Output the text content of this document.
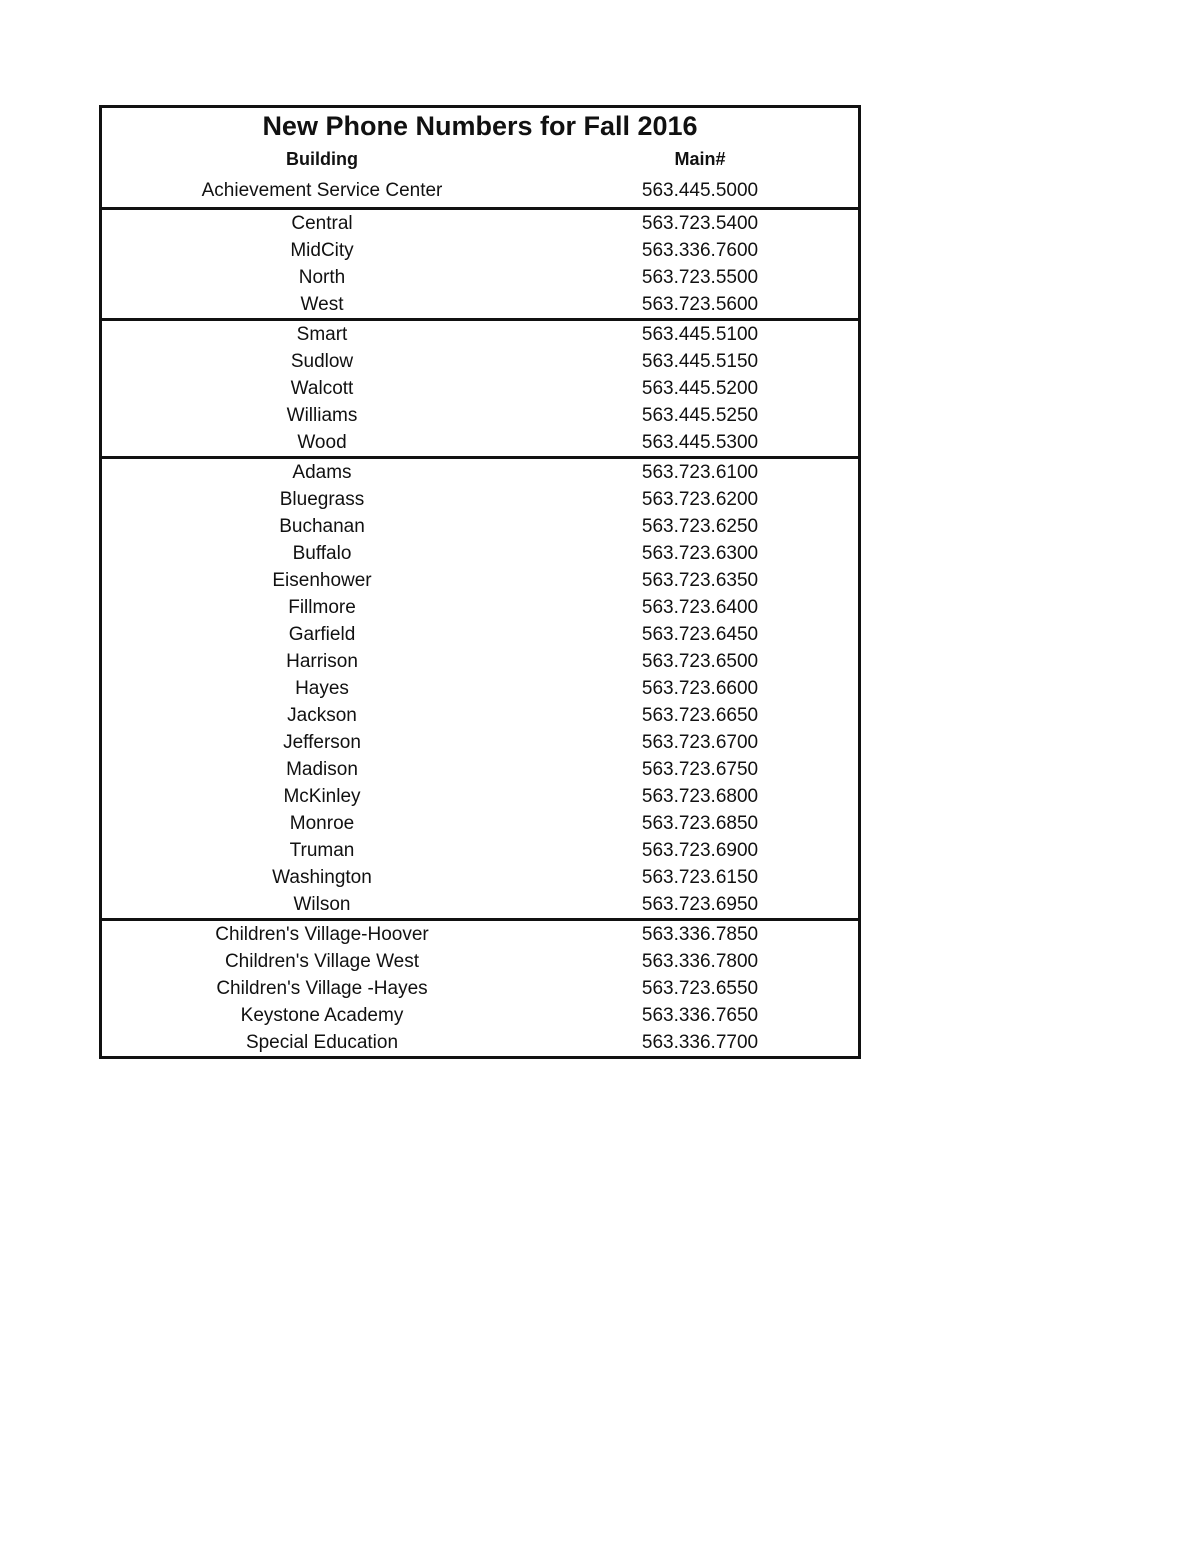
New Phone Numbers for Fall 2016
Building	Main#
Achievement Service Center	563.445.5000
Central	563.723.5400
MidCity	563.336.7600
North	563.723.5500
West	563.723.5600
Smart	563.445.5100
Sudlow	563.445.5150
Walcott	563.445.5200
Williams	563.445.5250
Wood	563.445.5300
Adams	563.723.6100
Bluegrass	563.723.6200
Buchanan	563.723.6250
Buffalo	563.723.6300
Eisenhower	563.723.6350
Fillmore	563.723.6400
Garfield	563.723.6450
Harrison	563.723.6500
Hayes	563.723.6600
Jackson	563.723.6650
Jefferson	563.723.6700
Madison	563.723.6750
McKinley	563.723.6800
Monroe	563.723.6850
Truman	563.723.6900
Washington	563.723.6150
Wilson	563.723.6950
Children's Village-Hoover	563.336.7850
Children's Village West	563.336.7800
Children's Village -Hayes	563.723.6550
Keystone Academy	563.336.7650
Special Education	563.336.7700
